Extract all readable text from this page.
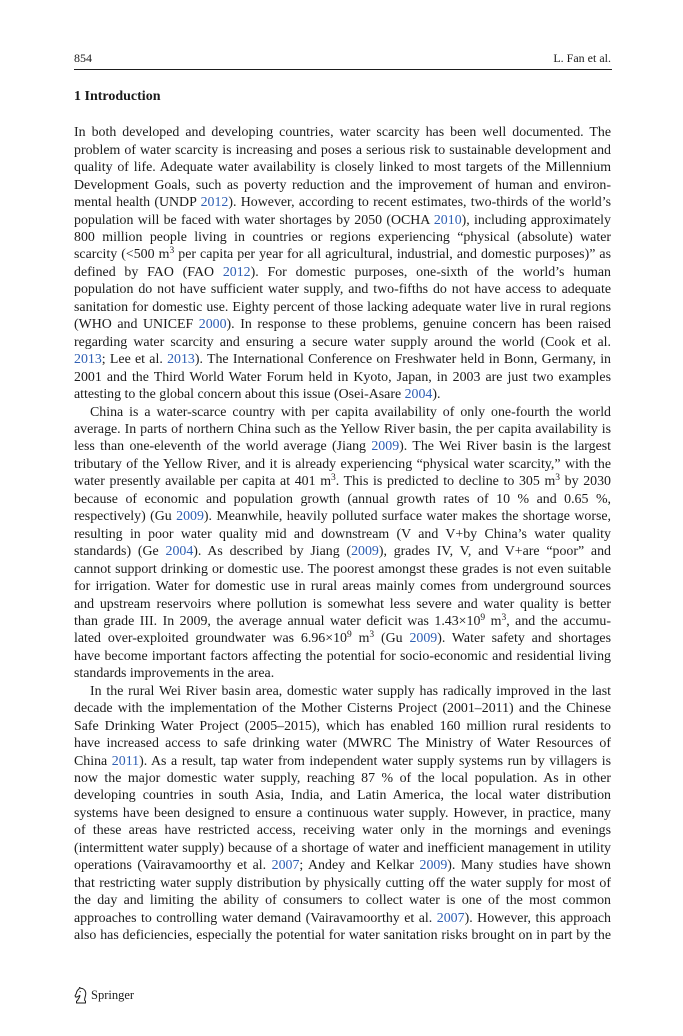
854	L. Fan et al.
1 Introduction
In both developed and developing countries, water scarcity has been well documented. The
problem of water scarcity is increasing and poses a serious risk to sustainable development and
quality of life. Adequate water availability is closely linked to most targets of the Millennium
Development Goals, such as poverty reduction and the improvement of human and environ-
mental health (UNDP 2012). However, according to recent estimates, two-thirds of the world’s
population will be faced with water shortages by 2050 (OCHA 2010), including approximately
800 million people living in countries or regions experiencing “physical (absolute) water
scarcity (<500 $m^3$ per capita per year for all agricultural, industrial, and domestic purposes)” as
defined by FAO (FAO 2012). For domestic purposes, one-sixth of the world’s human
population do not have sufficient water supply, and two-fifths do not have access to adequate
sanitation for domestic use. Eighty percent of those lacking adequate water live in rural regions
(WHO and UNICEF 2000). In response to these problems, genuine concern has been raised
regarding water scarcity and ensuring a secure water supply around the world (Cook et al.
2013; Lee et al. 2013). The International Conference on Freshwater held in Bonn, Germany, in
2001 and the Third World Water Forum held in Kyoto, Japan, in 2003 are just two examples
attesting to the global concern about this issue (Osei-Asare 2004).
China is a water-scarce country with per capita availability of only one-fourth the world
average. In parts of northern China such as the Yellow River basin, the per capita availability is
less than one-eleventh of the world average (Jiang 2009). The Wei River basin is the largest
tributary of the Yellow River, and it is already experiencing “physical water scarcity,” with the
water presently available per capita at 401 $m^3$. This is predicted to decline to 305 $m^3$ by 2030
because of economic and population growth (annual growth rates of 10 % and 0.65 %,
respectively) (Gu 2009). Meanwhile, heavily polluted surface water makes the shortage worse,
resulting in poor water quality mid and downstream (V and V+by China’s water quality
standards) (Ge 2004). As described by Jiang (2009), grades IV, V, and V+are “poor” and
cannot support drinking or domestic use. The poorest amongst these grades is not even suitable
for irrigation. Water for domestic use in rural areas mainly comes from underground sources
and upstream reservoirs where pollution is somewhat less severe and water quality is better
than grade III. In 2009, the average annual water deficit was $1.43\times 10^9$ $m^3$, and the accumu-
lated over-exploited groundwater was $6.96\times 10^9$ $m^3$ (Gu 2009). Water safety and shortages
have become important factors affecting the potential for socio-economic and residential living
standards improvements in the area.
In the rural Wei River basin area, domestic water supply has radically improved in the last
decade with the implementation of the Mother Cisterns Project (2001–2011) and the Chinese
Safe Drinking Water Project (2005–2015), which has enabled 160 million rural residents to
have increased access to safe drinking water (MWRC The Ministry of Water Resources of
China 2011). As a result, tap water from independent water supply systems run by villagers is
now the major domestic water supply, reaching 87 % of the local population. As in other
developing countries in south Asia, India, and Latin America, the local water distribution
systems have been designed to ensure a continuous water supply. However, in practice, many
of these areas have restricted access, receiving water only in the mornings and evenings
(intermittent water supply) because of a shortage of water and inefficient management in utility
operations (Vairavamoorthy et al. 2007; Andey and Kelkar 2009). Many studies have shown
that restricting water supply distribution by physically cutting off the water supply for most of
the day and limiting the ability of consumers to collect water is one of the most common
approaches to controlling water demand (Vairavamoorthy et al. 2007). However, this approach
also has deficiencies, especially the potential for water sanitation risks brought on in part by the
Springer
